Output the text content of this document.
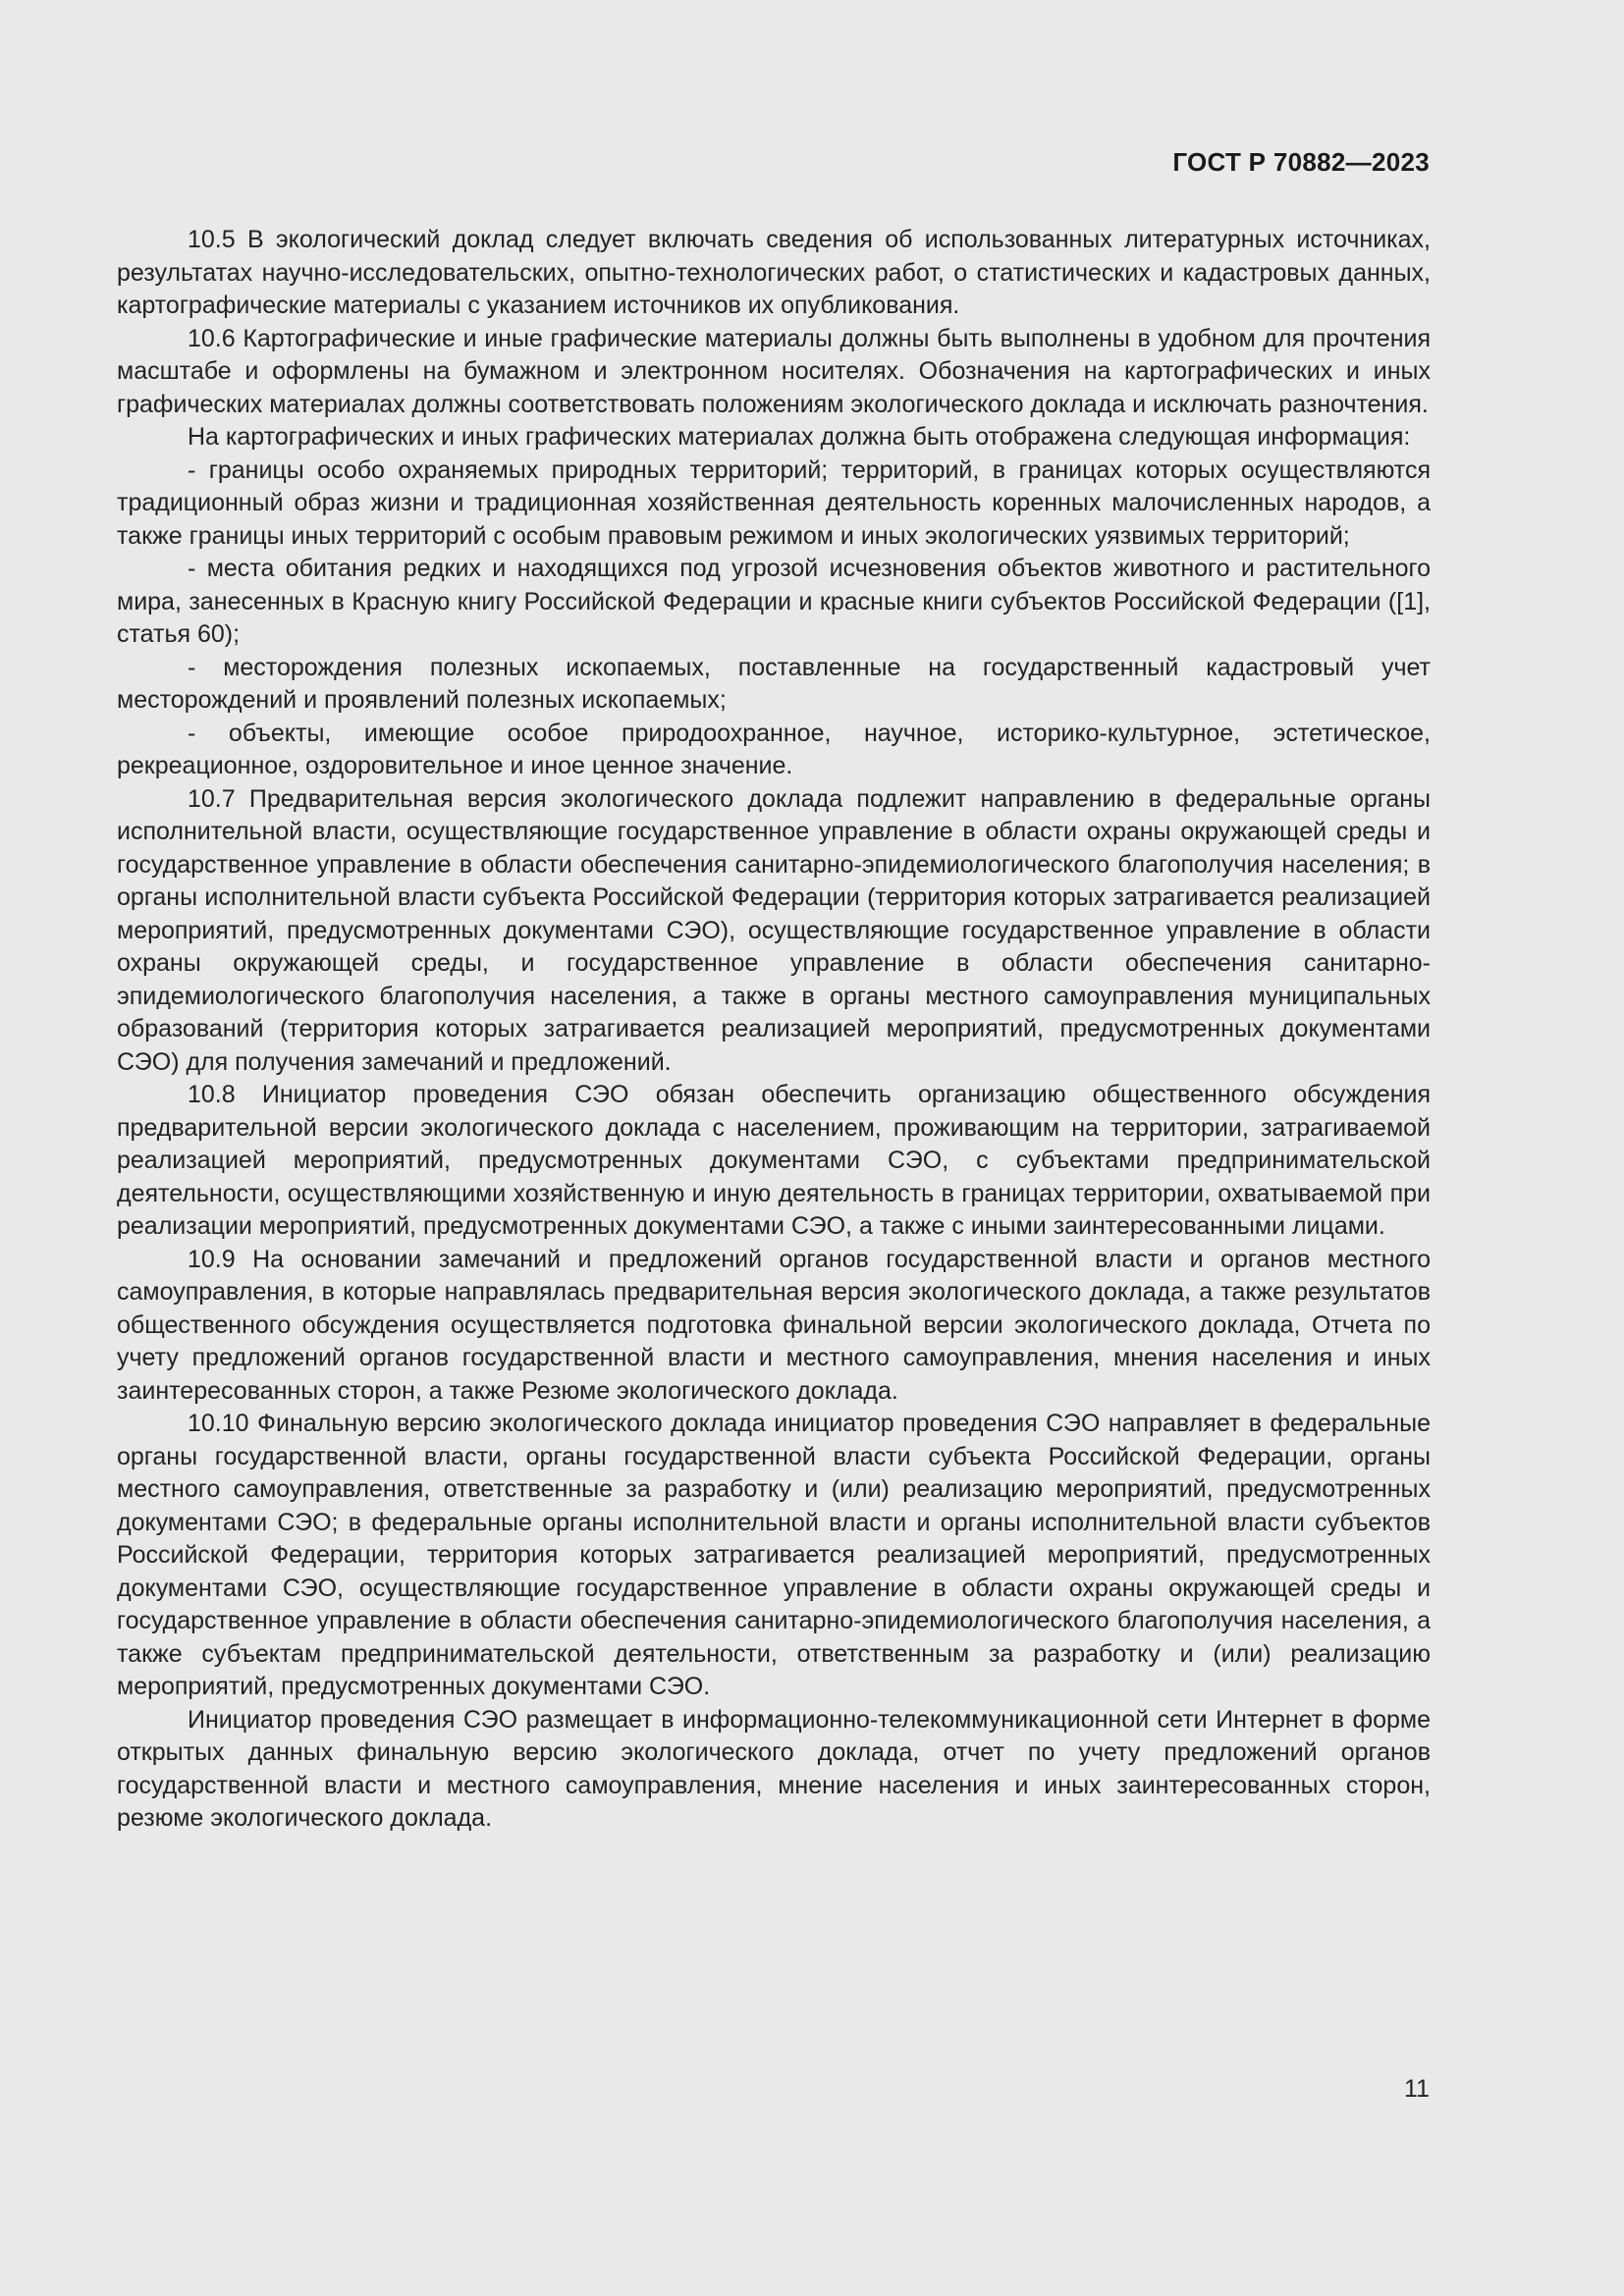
ГОСТ Р 70882—2023

10.5 В экологический доклад следует включать сведения об использованных литературных источниках, результатах научно-исследовательских, опытно-технологических работ, о статистических и кадастровых данных, картографические материалы с указанием источников их опубликования.

10.6 Картографические и иные графические материалы должны быть выполнены в удобном для прочтения масштабе и оформлены на бумажном и электронном носителях. Обозначения на картографических и иных графических материалах должны соответствовать положениям экологического доклада и исключать разночтения.

На картографических и иных графических материалах должна быть отображена следующая информация:

- границы особо охраняемых природных территорий; территорий, в границах которых осуществляются традиционный образ жизни и традиционная хозяйственная деятельность коренных малочисленных народов, а также границы иных территорий с особым правовым режимом и иных экологических уязвимых территорий;

- места обитания редких и находящихся под угрозой исчезновения объектов животного и растительного мира, занесенных в Красную книгу Российской Федерации и красные книги субъектов Российской Федерации ([1], статья 60);

- месторождения полезных ископаемых, поставленные на государственный кадастровый учет месторождений и проявлений полезных ископаемых;

- объекты, имеющие особое природоохранное, научное, историко-культурное, эстетическое, рекреационное, оздоровительное и иное ценное значение.

10.7 Предварительная версия экологического доклада подлежит направлению в федеральные органы исполнительной власти, осуществляющие государственное управление в области охраны окружающей среды и государственное управление в области обеспечения санитарно-эпидемиологического благополучия населения; в органы исполнительной власти субъекта Российской Федерации (территория которых затрагивается реализацией мероприятий, предусмотренных документами СЭО), осуществляющие государственное управление в области охраны окружающей среды, и государственное управление в области обеспечения санитарно-эпидемиологического благополучия населения, а также в органы местного самоуправления муниципальных образований (территория которых затрагивается реализацией мероприятий, предусмотренных документами СЭО) для получения замечаний и предложений.

10.8 Инициатор проведения СЭО обязан обеспечить организацию общественного обсуждения предварительной версии экологического доклада с населением, проживающим на территории, затрагиваемой реализацией мероприятий, предусмотренных документами СЭО, с субъектами предпринимательской деятельности, осуществляющими хозяйственную и иную деятельность в границах территории, охватываемой при реализации мероприятий, предусмотренных документами СЭО, а также с иными заинтересованными лицами.

10.9 На основании замечаний и предложений органов государственной власти и органов местного самоуправления, в которые направлялась предварительная версия экологического доклада, а также результатов общественного обсуждения осуществляется подготовка финальной версии экологического доклада, Отчета по учету предложений органов государственной власти и местного самоуправления, мнения населения и иных заинтересованных сторон, а также Резюме экологического доклада.

10.10 Финальную версию экологического доклада инициатор проведения СЭО направляет в федеральные органы государственной власти, органы государственной власти субъекта Российской Федерации, органы местного самоуправления, ответственные за разработку и (или) реализацию мероприятий, предусмотренных документами СЭО; в федеральные органы исполнительной власти и органы исполнительной власти субъектов Российской Федерации, территория которых затрагивается реализацией мероприятий, предусмотренных документами СЭО, осуществляющие государственное управление в области охраны окружающей среды и государственное управление в области обеспечения санитарно-эпидемиологического благополучия населения, а также субъектам предпринимательской деятельности, ответственным за разработку и (или) реализацию мероприятий, предусмотренных документами СЭО.

Инициатор проведения СЭО размещает в информационно-телекоммуникационной сети Интернет в форме открытых данных финальную версию экологического доклада, отчет по учету предложений органов государственной власти и местного самоуправления, мнение населения и иных заинтересованных сторон, резюме экологического доклада.

11
